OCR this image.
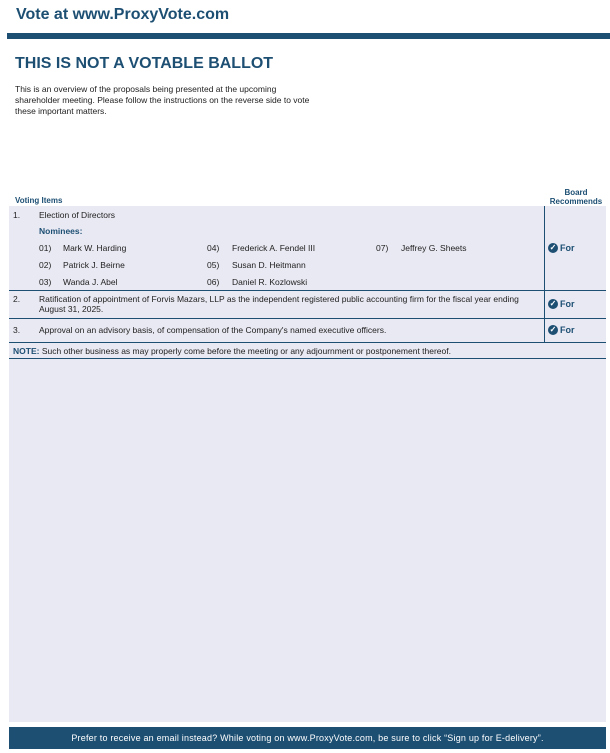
Vote at www.ProxyVote.com
THIS IS NOT A VOTABLE BALLOT
This is an overview of the proposals being presented at the upcoming shareholder meeting. Please follow the instructions on the reverse side to vote these important matters.
Voting Items
Board Recommends
1. Election of Directors
Nominees:
01) Mark W. Harding
02) Patrick J. Beirne
03) Wanda J. Abel
04) Frederick A. Fendel III
05) Susan D. Heitmann
06) Daniel R. Kozlowski
07) Jeffrey G. Sheets	✓ For
2. Ratification of appointment of Forvis Mazars, LLP as the independent registered public accounting firm for the fiscal year ending August 31, 2025.
✓ For
3. Approval on an advisory basis, of compensation of the Company's named executive officers.	✓ For
NOTE: Such other business as may properly come before the meeting or any adjournment or postponement thereof.
Prefer to receive an email instead? While voting on www.ProxyVote.com, be sure to click “Sign up for E-delivery”.
